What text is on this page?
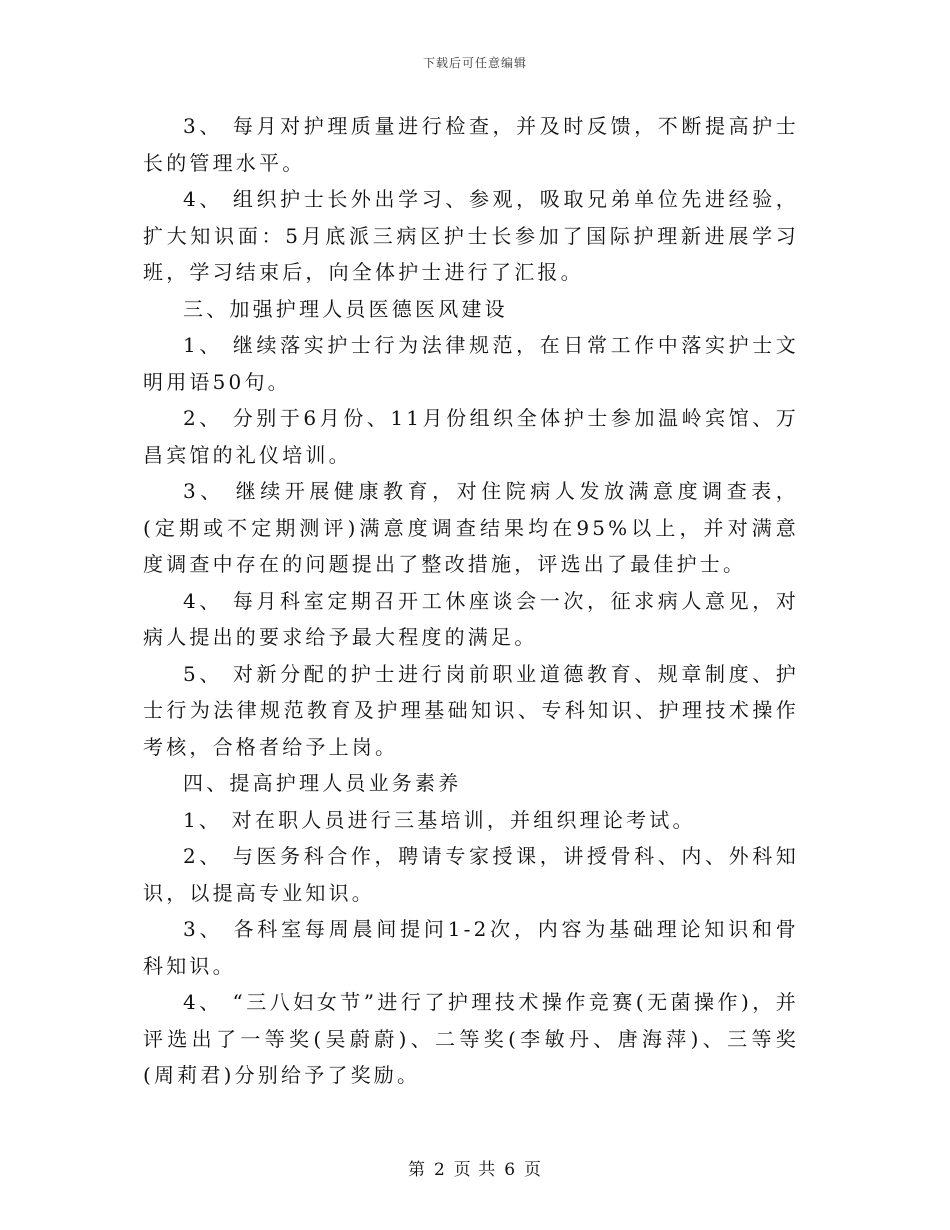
下载后可任意编辑

3、 每月对护理质量进行检查，并及时反馈，不断提高护士长的管理水平。

4、 组织护士长外出学习、参观，吸取兄弟单位先进经验，扩大知识面：5月底派三病区护士长参加了国际护理新进展学习班，学习结束后，向全体护士进行了汇报。

三、加强护理人员医德医风建设

1、 继续落实护士行为法律规范，在日常工作中落实护士文明用语50句。

2、 分别于6月份、11月份组织全体护士参加温岭宾馆、万昌宾馆的礼仪培训。

3、 继续开展健康教育，对住院病人发放满意度调查表，(定期或不定期测评)满意度调查结果均在95%以上，并对满意度调查中存在的问题提出了整改措施，评选出了最佳护士。

4、 每月科室定期召开工休座谈会一次，征求病人意见，对病人提出的要求给予最大程度的满足。

5、 对新分配的护士进行岗前职业道德教育、规章制度、护士行为法律规范教育及护理基础知识、专科知识、护理技术操作考核，合格者给予上岗。

四、提高护理人员业务素养

1、 对在职人员进行三基培训，并组织理论考试。

2、 与医务科合作，聘请专家授课，讲授骨科、内、外科知识，以提高专业知识。

3、 各科室每周晨间提问1-2次，内容为基础理论知识和骨科知识。

4、 “三八妇女节”进行了护理技术操作竞赛(无菌操作)，并评选出了一等奖(吴蔚蔚)、二等奖(李敏丹、唐海萍)、三等奖(周莉君)分别给予了奖励。

第 2 页 共 6 页
